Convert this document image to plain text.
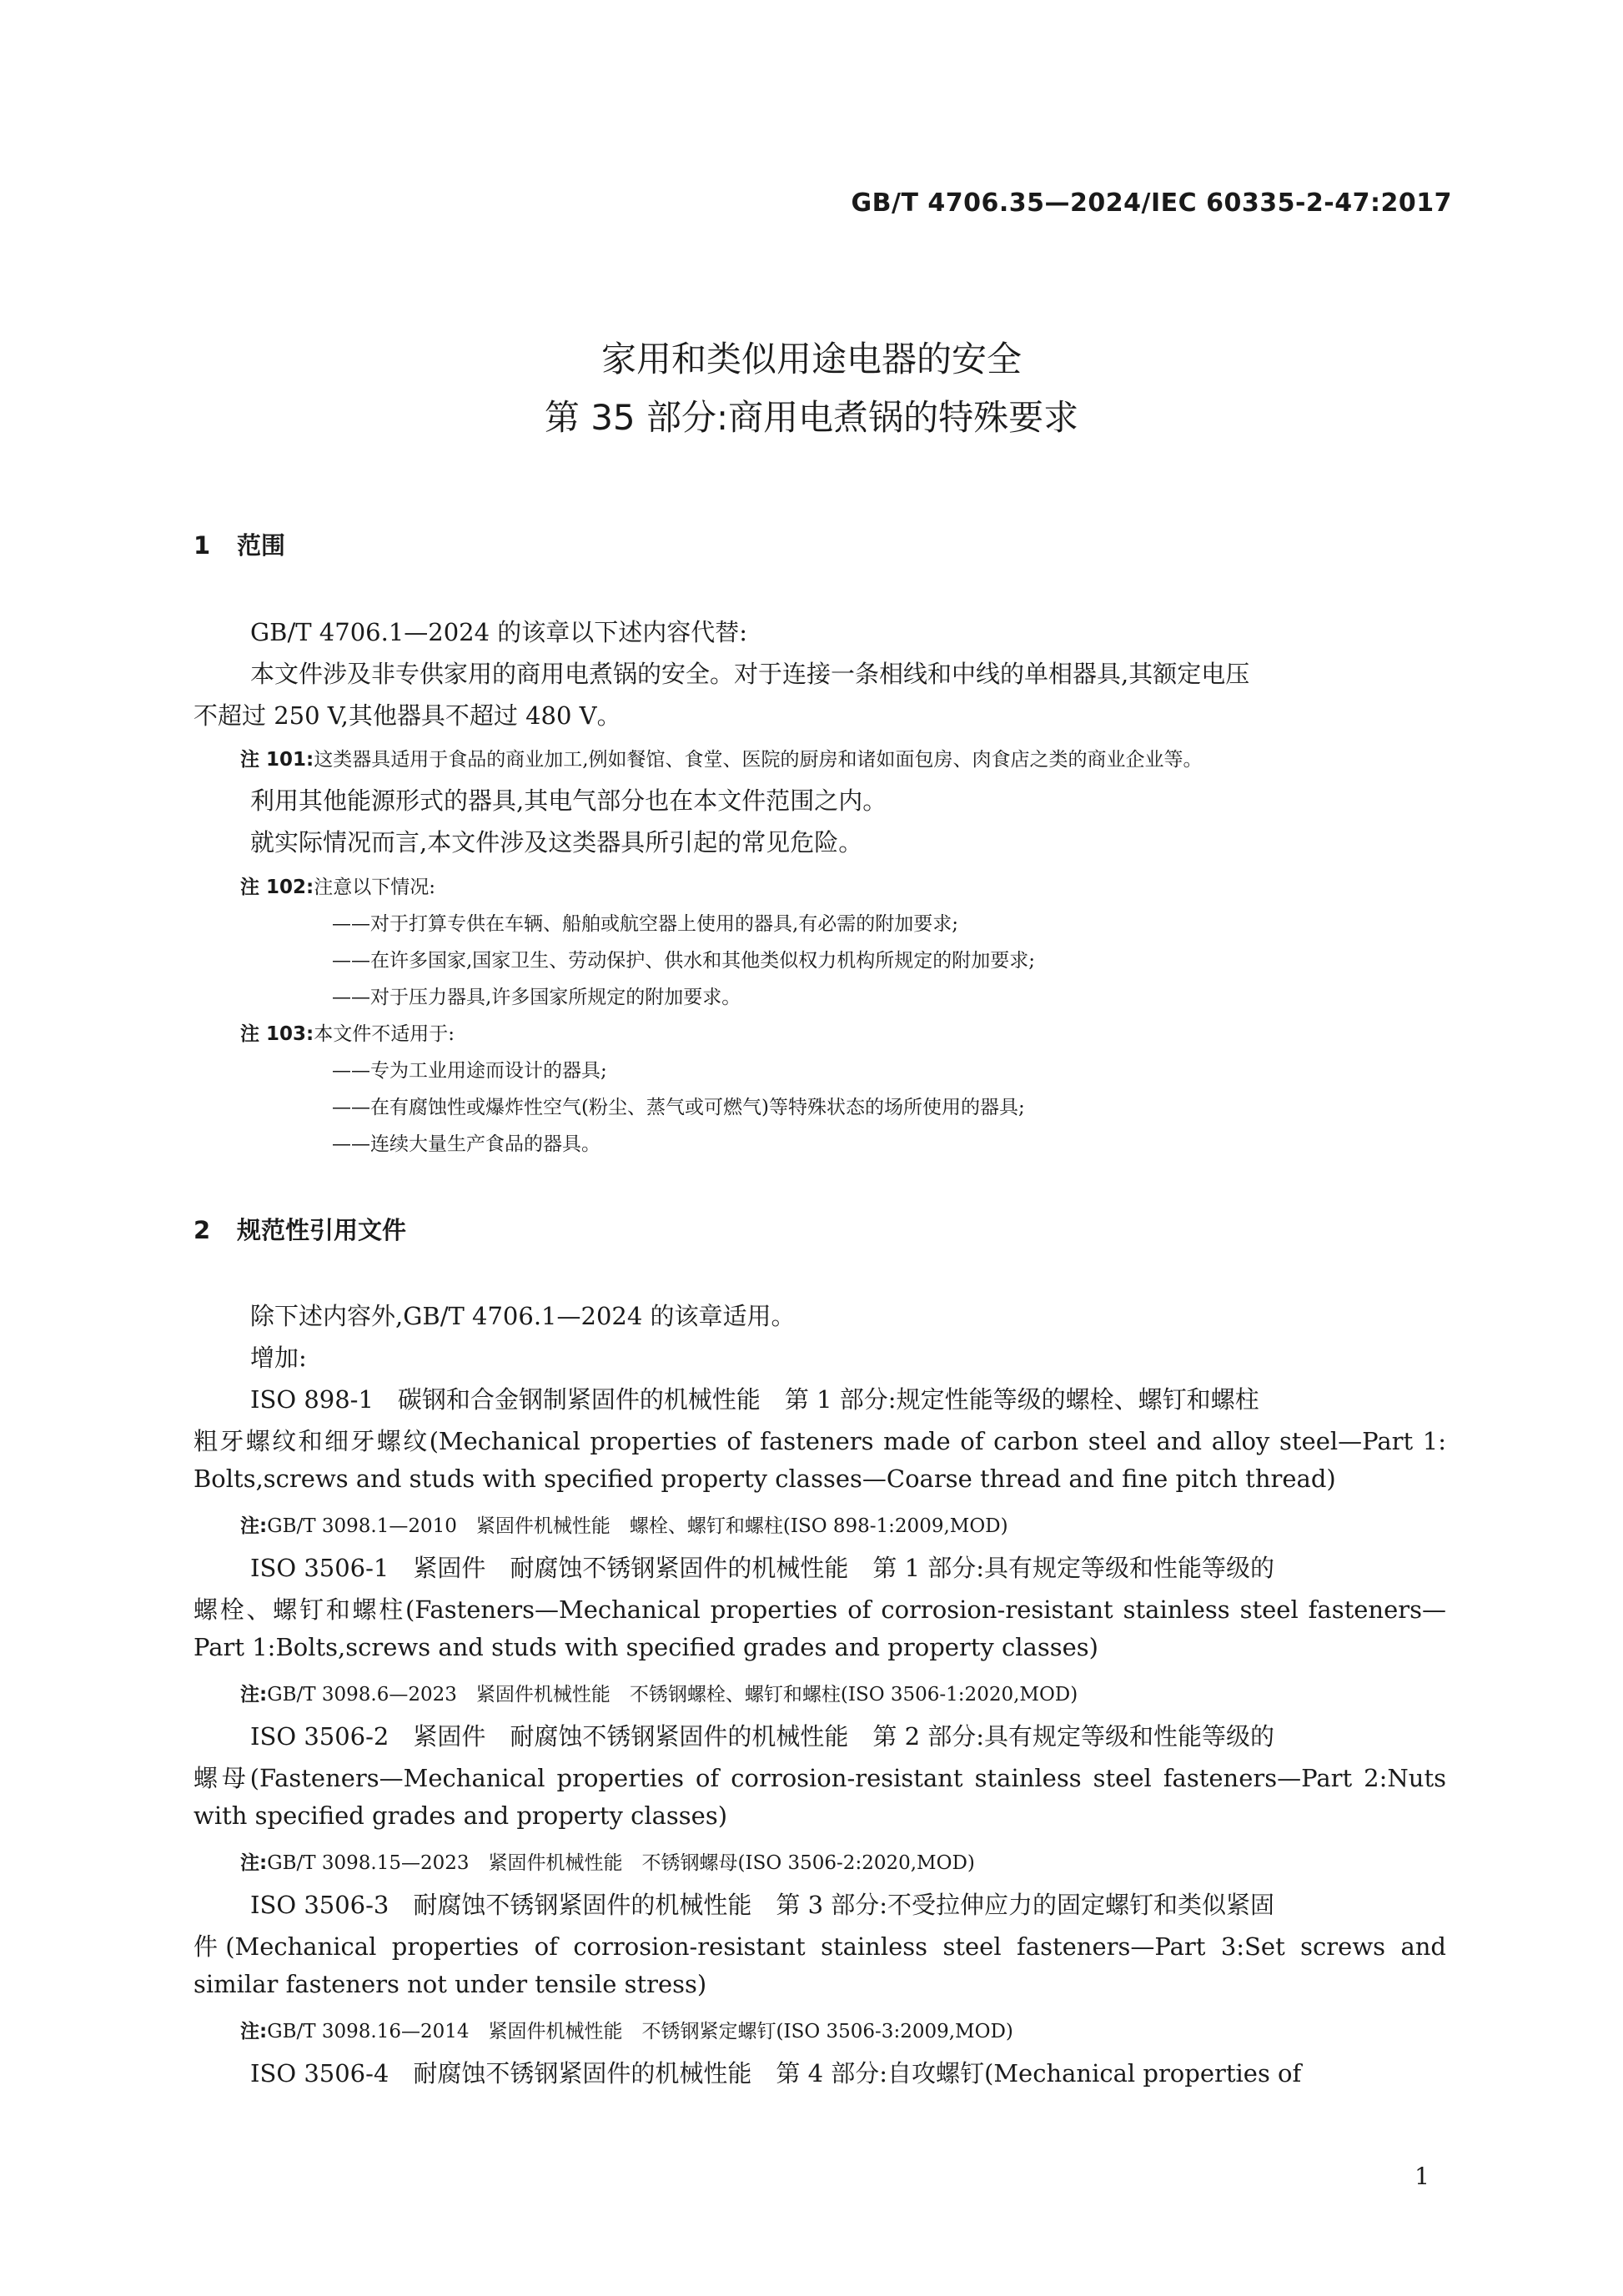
GB/T 4706.35—2024/IEC 60335-2-47:2017
家用和类似用途电器的安全
第 35 部分:商用电煮锅的特殊要求
1 范围
GB/T 4706.1—2024 的该章以下述内容代替:
本文件涉及非专供家用的商用电煮锅的安全。对于连接一条相线和中线的单相器具,其额定电压
不超过 250 V,其他器具不超过 480 V。
注 101:这类器具适用于食品的商业加工,例如餐馆、食堂、医院的厨房和诸如面包房、肉食店之类的商业企业等。
利用其他能源形式的器具,其电气部分也在本文件范围之内。
就实际情况而言,本文件涉及这类器具所引起的常见危险。
注 102:注意以下情况:
——对于打算专供在车辆、船舶或航空器上使用的器具,有必需的附加要求;
——在许多国家,国家卫生、劳动保护、供水和其他类似权力机构所规定的附加要求;
——对于压力器具,许多国家所规定的附加要求。
注 103:本文件不适用于:
——专为工业用途而设计的器具;
——在有腐蚀性或爆炸性空气(粉尘、蒸气或可燃气)等特殊状态的场所使用的器具;
——连续大量生产食品的器具。
2 规范性引用文件
除下述内容外,GB/T 4706.1—2024 的该章适用。
增加:
ISO 898-1　碳钢和合金钢制紧固件的机械性能　第 1 部分:规定性能等级的螺栓、螺钉和螺柱
粗牙螺纹和细牙螺纹(Mechanical properties of fasteners made of carbon steel and alloy steel—Part 1:
Bolts,screws and studs with specified property classes—Coarse thread and fine pitch thread)
注:GB/T 3098.1—2010　紧固件机械性能　螺栓、螺钉和螺柱(ISO 898-1:2009,MOD)
ISO 3506-1　紧固件　耐腐蚀不锈钢紧固件的机械性能　第 1 部分:具有规定等级和性能等级的
螺栓、螺钉和螺柱(Fasteners—Mechanical properties of corrosion-resistant stainless steel fasteners—
Part 1:Bolts,screws and studs with specified grades and property classes)
注:GB/T 3098.6—2023　紧固件机械性能　不锈钢螺栓、螺钉和螺柱(ISO 3506-1:2020,MOD)
ISO 3506-2　紧固件　耐腐蚀不锈钢紧固件的机械性能　第 2 部分:具有规定等级和性能等级的
螺母(Fasteners—Mechanical properties of corrosion-resistant stainless steel fasteners—Part 2:Nuts
with specified grades and property classes)
注:GB/T 3098.15—2023　紧固件机械性能　不锈钢螺母(ISO 3506-2:2020,MOD)
ISO 3506-3　耐腐蚀不锈钢紧固件的机械性能　第 3 部分:不受拉伸应力的固定螺钉和类似紧固
件(Mechanical properties of corrosion-resistant stainless steel fasteners—Part 3:Set screws and
similar fasteners not under tensile stress)
注:GB/T 3098.16—2014　紧固件机械性能　不锈钢紧定螺钉(ISO 3506-3:2009,MOD)
ISO 3506-4　耐腐蚀不锈钢紧固件的机械性能　第 4 部分:自攻螺钉(Mechanical properties of
1
